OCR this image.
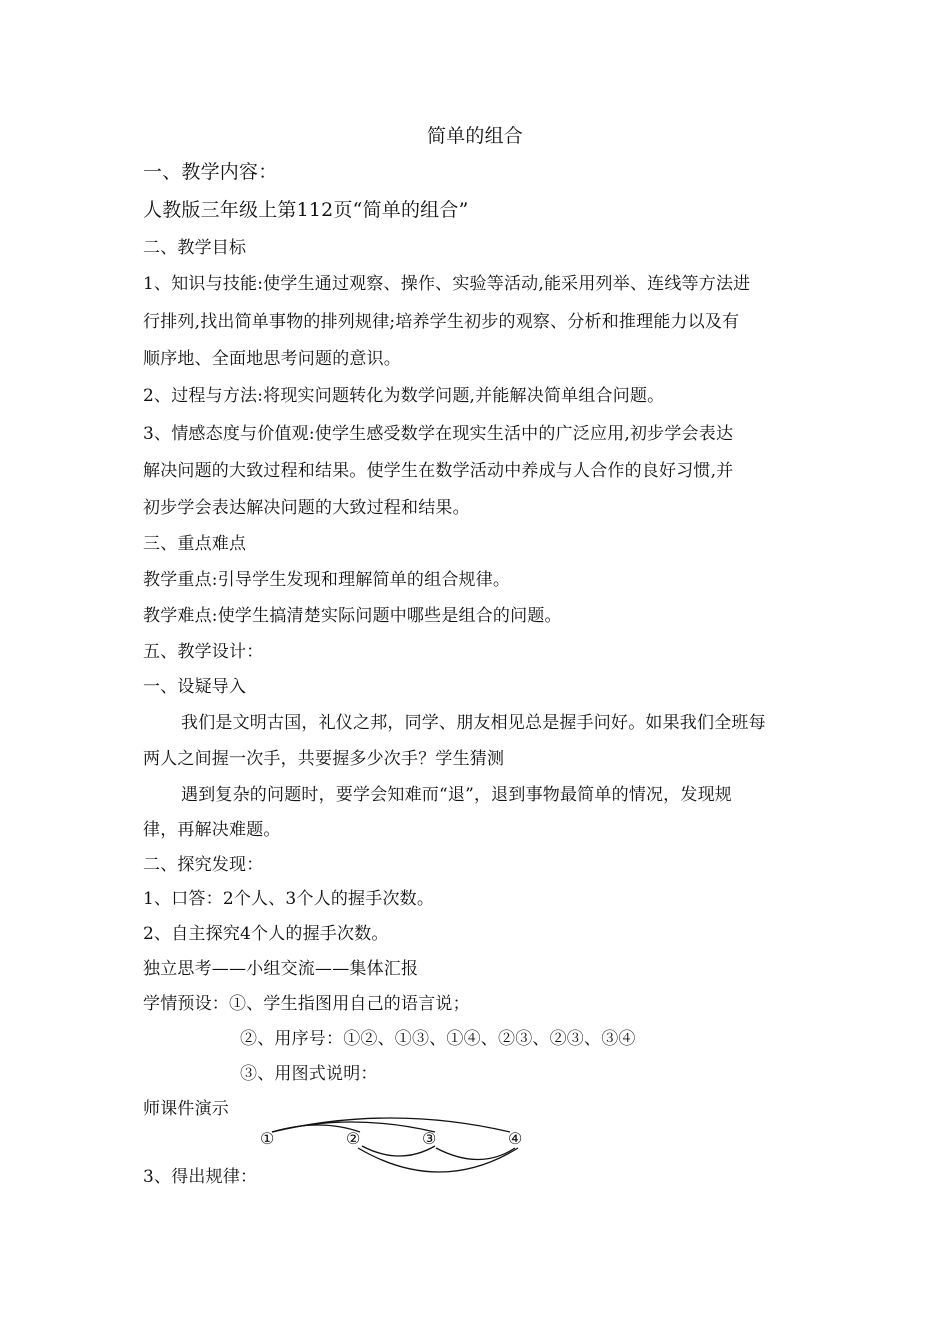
简单的组合
一、教学内容：
人教版三年级上第112页“简单的组合”
二、教学目标
1、知识与技能:使学生通过观察、操作、实验等活动,能采用列举、连线等方法进
行排列,找出简单事物的排列规律;培养学生初步的观察、分析和推理能力以及有
顺序地、全面地思考问题的意识。
2、过程与方法:将现实问题转化为数学问题,并能解决简单组合问题。
3、情感态度与价值观:使学生感受数学在现实生活中的广泛应用,初步学会表达
解决问题的大致过程和结果。使学生在数学活动中养成与人合作的良好习惯,并
初步学会表达解决问题的大致过程和结果。
三、重点难点
教学重点:引导学生发现和理解简单的组合规律。
教学难点:使学生搞清楚实际问题中哪些是组合的问题。
五、教学设计：
一、设疑导入
我们是文明古国，礼仪之邦，同学、朋友相见总是握手问好。如果我们全班每
两人之间握一次手，共要握多少次手？学生猜测
遇到复杂的问题时，要学会知难而“退”，退到事物最简单的情况，发现规
律，再解决难题。
二、探究发现：
1、口答：2个人、3个人的握手次数。
2、自主探究4个人的握手次数。
独立思考——小组交流——集体汇报
学情预设：①、学生指图用自己的语言说；
②、用序号：①②、①③、①④、②③、②③、③④
③、用图式说明：
师课件演示
①	②	③	④
3、得出规律：
